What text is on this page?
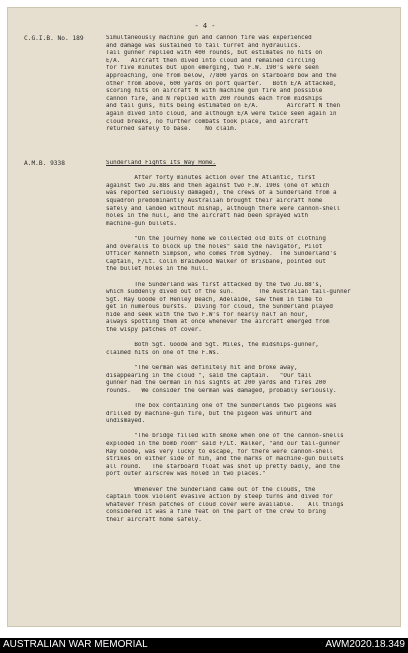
- 4 -
C.G.I.B. No. 189	Simultaneously machine gun and cannon fire was experienced
and damage was sustained to tail turret and hydraulics.
Tail gunner replied with 400 rounds, but estimates no hits on
E/A.   Aircraft then dived into cloud and remained circling
for five minutes but upon emerging, two F.W. 190's were seen
approaching, one from below, 7/800 yards on starboard bow and the
other from above, 600 yards on port quarter.   Both E/A attacked,
scoring hits on aircraft N with machine gun fire and possible
cannon fire, and N replied with 200 rounds each from midships
and tail guns, hits being estimated on E/A.        Aircraft N then
again dived into cloud, and although E/A were twice seen again in
cloud breaks, no further combats took place, and aircraft
returned safely to base.    No claim.
A.M.B. 9338	Sunderland Fights Its Way Home.
After forty minutes action over the Atlantic, first
against two Ju.88s and then against two F.W. 190s (one of which
was reported seriously damaged), the crews of a Sunderland from a
squadron predominantly Australian brought their aircraft home
safely and landed without mishap, although there were cannon-shell
holes in the hull, and the aircraft had been sprayed with
machine-gun bullets.
"On the journey home we collected old bits of clothing
and overalls to block up the holes" said the navigator, Pilot
Officer Kenneth Simpson, who comes from Sydney.  The Sunderland's
Captain, F/Lt. Colin Braidwood Walker of Brisbane, pointed out
the bullet holes in the hull.
The Sunderland was first attacked by the two Ju.88's,
which suddenly dived out of the sun.       The Australian tail-gunner
Sgt. Ray Goode of Henley Beach, Adelaide, saw them in time to
get in numerous bursts.  Diving for cloud, the Sunderland played
hide and seek with the two F.W's for nearly half an hour,
always spotting them at once whenever the aircraft emerged from
the wispy patches of cover.
Both Sgt. Goode and Sgt. Miles, the midships-gunner,
claimed hits on one of the F.Ws.
"The German was definitely hit and broke away,
disappearing in the cloud ", said the captain.   "Our tail
gunner had the German in his sights at 200 yards and fires 200
rounds.   We consider the German was damaged, probably seriously.
The box containing one of the Sunderlands two pigeons was
drilled by machine-gun fire, but the pigeon was unhurt and
undismayed.
"The bridge filled with smoke when one of the cannon-shells
exploded in the bomb room" said F/Lt. Walker, "and our tail-gunner
Ray Goode, was very lucky to escape, for there were cannon-shell
strikes on either side of him, and the marks of machine-gun bullets
all round.   The starboard float was shot up pretty badly, and the
port outer airscrew was holed in two places."
Whenever the Sunderland came out of the clouds, the
captain took violent evasive action by steep turns and dived for
whatever fresh patches of cloud cover were available.    All things
considered it was a fine feat on the part of the crew to bring
their aircraft home safely.
AUSTRALIAN WAR MEMORIAL	AWM2020.18.349
